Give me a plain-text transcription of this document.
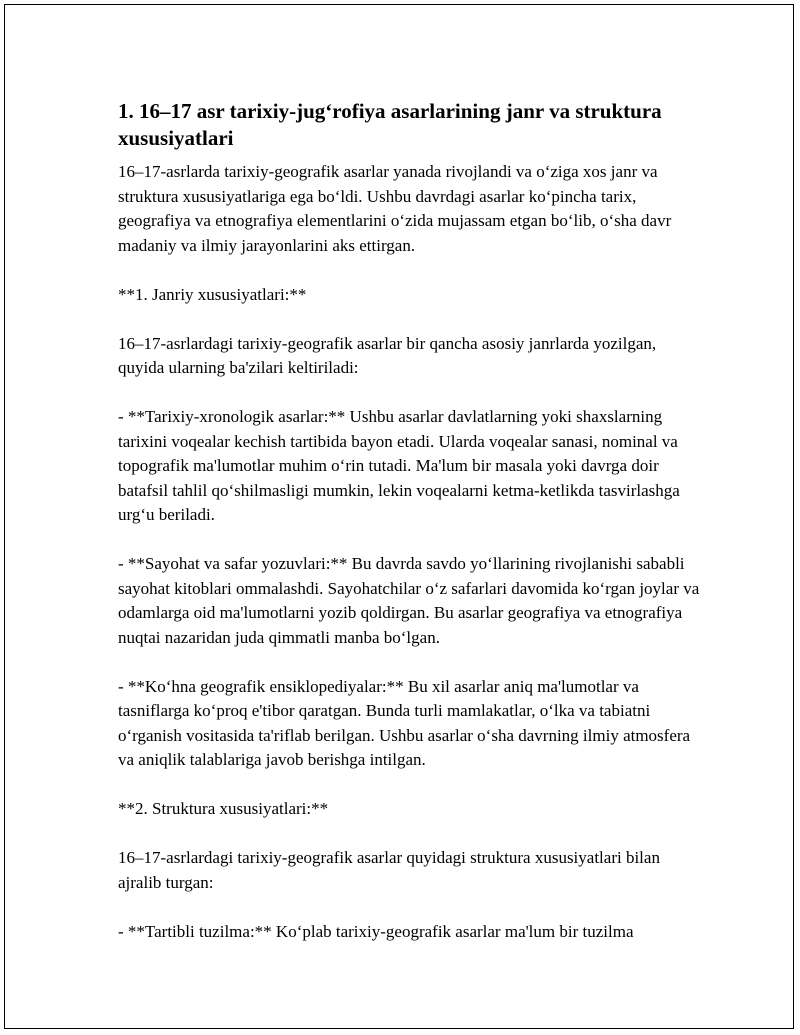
1. 16–17 asr tarixiy-jug‘rofiya asarlarining janr va struktura xususiyatlari

16–17-asrlarda tarixiy-geografik asarlar yanada rivojlandi va o‘ziga xos janr va struktura xususiyatlariga ega bo‘ldi. Ushbu davrdagi asarlar ko‘pincha tarix, geografiya va etnografiya elementlarini o‘zida mujassam etgan bo‘lib, o‘sha davr madaniy va ilmiy jarayonlarini aks ettirgan.

**1. Janriy xususiyatlari:**

16–17-asrlardagi tarixiy-geografik asarlar bir qancha asosiy janrlarda yozilgan, quyida ularning ba'zilari keltiriladi:

- **Tarixiy-xronologik asarlar:** Ushbu asarlar davlatlarning yoki shaxslarning tarixini voqealar kechish tartibida bayon etadi. Ularda voqealar sanasi, nominal va topografik ma'lumotlar muhim o‘rin tutadi. Ma'lum bir masala yoki davrga doir batafsil tahlil qo‘shilmasligi mumkin, lekin voqealarni ketma-ketlikda tasvirlashga urg‘u beriladi.

- **Sayohat va safar yozuvlari:** Bu davrda savdo yo‘llarining rivojlanishi sababli sayohat kitoblari ommalashdi. Sayohatchilar o‘z safarlari davomida ko‘rgan joylar va odamlarga oid ma'lumotlarni yozib qoldirgan. Bu asarlar geografiya va etnografiya nuqtai nazaridan juda qimmatli manba bo‘lgan.

- **Ko‘hna geografik ensiklopediyalar:** Bu xil asarlar aniq ma'lumotlar va tasniflarga ko‘proq e'tibor qaratgan. Bunda turli mamlakatlar, o‘lka va tabiatni o‘rganish vositasida ta'riflab berilgan. Ushbu asarlar o‘sha davrning ilmiy atmosfera va aniqlik talablariga javob berishga intilgan.

**2. Struktura xususiyatlari:**

16–17-asrlardagi tarixiy-geografik asarlar quyidagi struktura xususiyatlari bilan ajralib turgan:

- **Tartibli tuzilma:** Ko‘plab tarixiy-geografik asarlar ma'lum bir tuzilma
